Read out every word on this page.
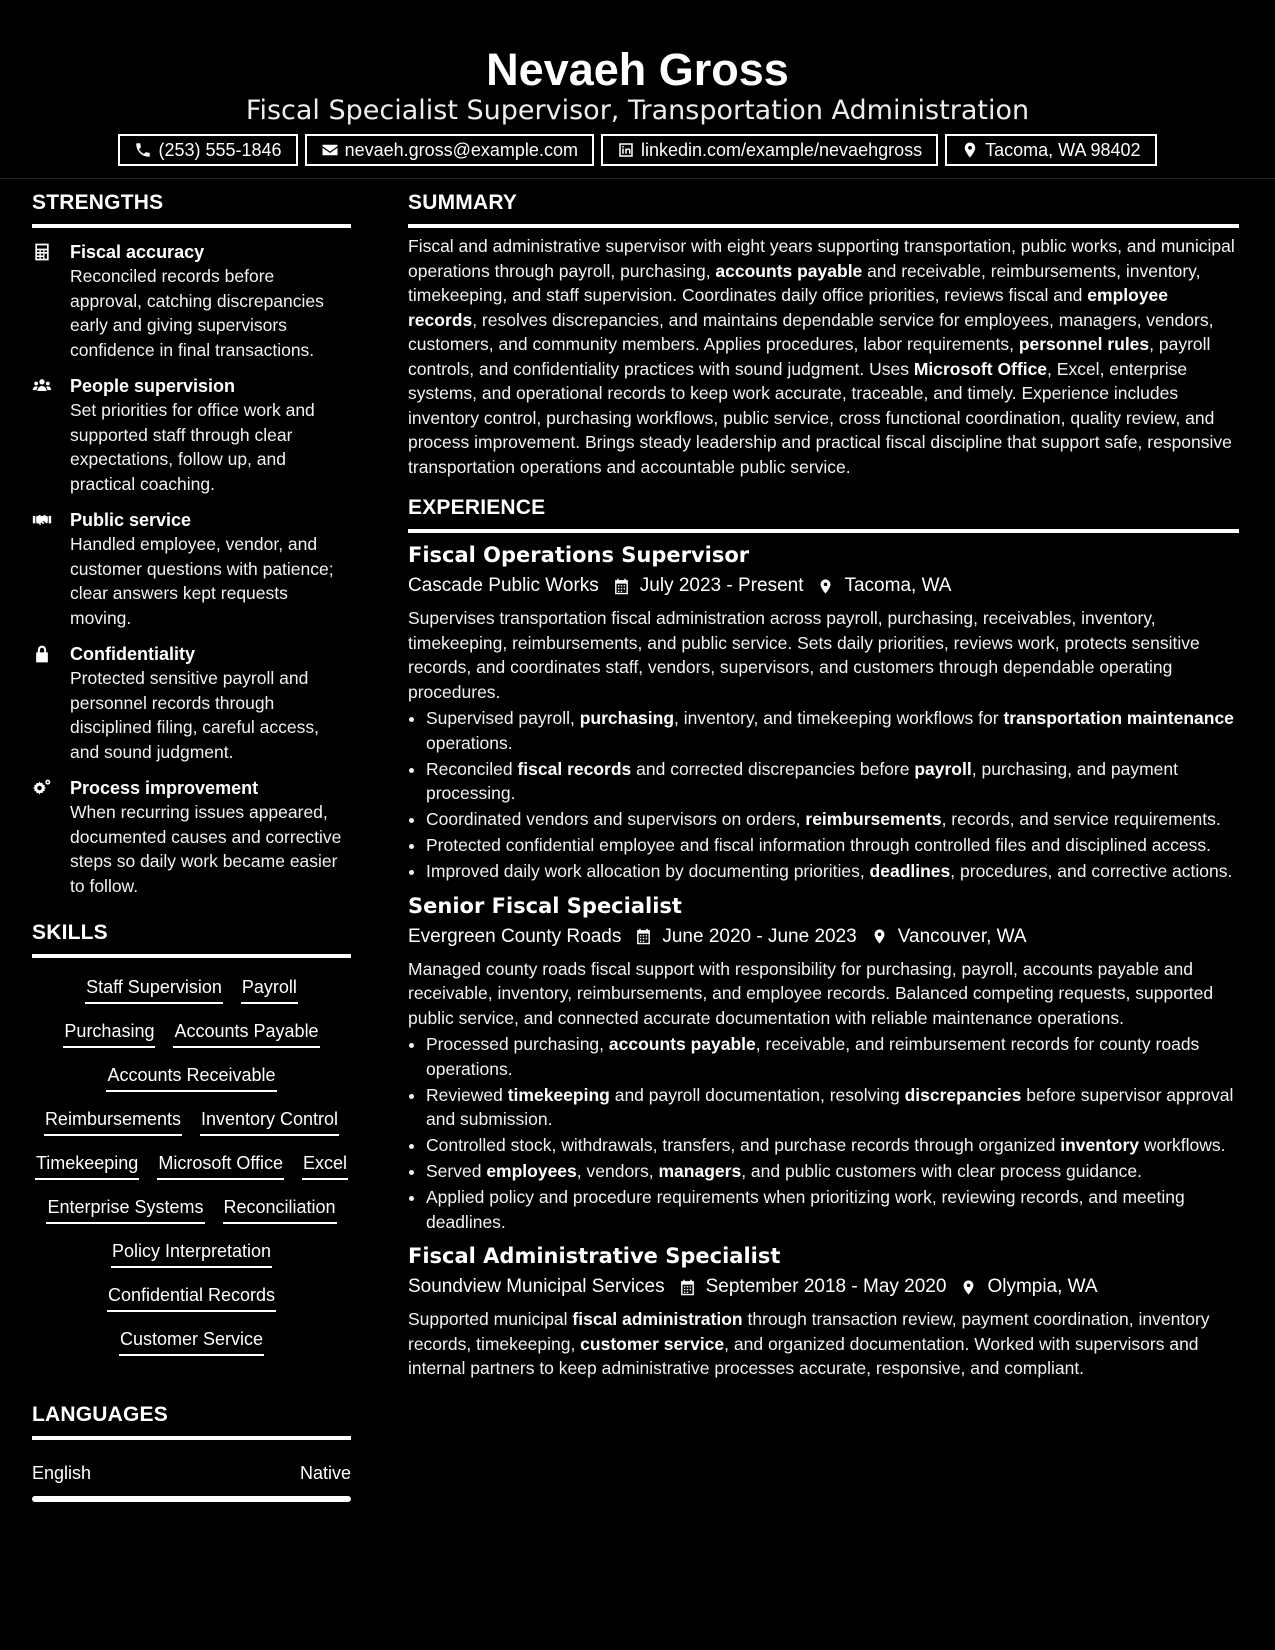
Nevaeh Gross
Fiscal Specialist Supervisor, Transportation Administration
(253) 555-1846	nevaeh.gross@example.com	linkedin.com/example/nevaehgross	Tacoma, WA 98402
STRENGTHS
Fiscal accuracy
Reconciled records before approval, catching discrepancies early and giving supervisors confidence in final transactions.
People supervision
Set priorities for office work and supported staff through clear expectations, follow up, and practical coaching.
Public service
Handled employee, vendor, and customer questions with patience; clear answers kept requests moving.
Confidentiality
Protected sensitive payroll and personnel records through disciplined filing, careful access, and sound judgment.
Process improvement
When recurring issues appeared, documented causes and corrective steps so daily work became easier to follow.
SKILLS
Staff Supervision Payroll
Purchasing Accounts Payable
Accounts Receivable
Reimbursements Inventory Control
Timekeeping Microsoft Office Excel
Enterprise Systems Reconciliation
Policy Interpretation
Confidential Records
Customer Service
LANGUAGES
English	Native
SUMMARY

Fiscal and administrative supervisor with eight years supporting transportation, public works, and municipal operations through payroll, purchasing, accounts payable and receivable, reimbursements, inventory, timekeeping, and staff supervision. Coordinates daily office priorities, reviews fiscal and employee records, resolves discrepancies, and maintains dependable service for employees, managers, vendors, customers, and community members. Applies procedures, labor requirements, personnel rules, payroll controls, and confidentiality practices with sound judgment. Uses Microsoft Office, Excel, enterprise systems, and operational records to keep work accurate, traceable, and timely. Experience includes inventory control, purchasing workflows, public service, cross functional coordination, quality review, and process improvement. Brings steady leadership and practical fiscal discipline that support safe, responsive transportation operations and accountable public service.

EXPERIENCE
Fiscal Operations Supervisor
Cascade Public Works July 2023 - Present Tacoma, WA

Supervises transportation fiscal administration across payroll, purchasing, receivables, inventory, timekeeping, reimbursements, and public service. Sets daily priorities, reviews work, protects sensitive records, and coordinates staff, vendors, supervisors, and customers through dependable operating procedures.

• Supervised payroll, purchasing, inventory, and timekeeping workflows for transportation maintenance operations.
• Reconciled fiscal records and corrected discrepancies before payroll, purchasing, and payment processing.
• Coordinated vendors and supervisors on orders, reimbursements, records, and service requirements.
• Protected confidential employee and fiscal information through controlled files and disciplined access.
• Improved daily work allocation by documenting priorities, deadlines, procedures, and corrective actions.
Senior Fiscal Specialist
Evergreen County Roads June 2020 - June 2023 Vancouver, WA

Managed county roads fiscal support with responsibility for purchasing, payroll, accounts payable and receivable, inventory, reimbursements, and employee records. Balanced competing requests, supported public service, and connected accurate documentation with reliable maintenance operations.

• Processed purchasing, accounts payable, receivable, and reimbursement records for county roads operations.
• Reviewed timekeeping and payroll documentation, resolving discrepancies before supervisor approval and submission.
• Controlled stock, withdrawals, transfers, and purchase records through organized inventory workflows.
• Served employees, vendors, managers, and public customers with clear process guidance.
• Applied policy and procedure requirements when prioritizing work, reviewing records, and meeting deadlines.
Fiscal Administrative Specialist
Soundview Municipal Services September 2018 - May 2020 Olympia, WA

Supported municipal fiscal administration through transaction review, payment coordination, inventory records, timekeeping, customer service, and organized documentation. Worked with supervisors and internal partners to keep administrative processes accurate, responsive, and compliant.
